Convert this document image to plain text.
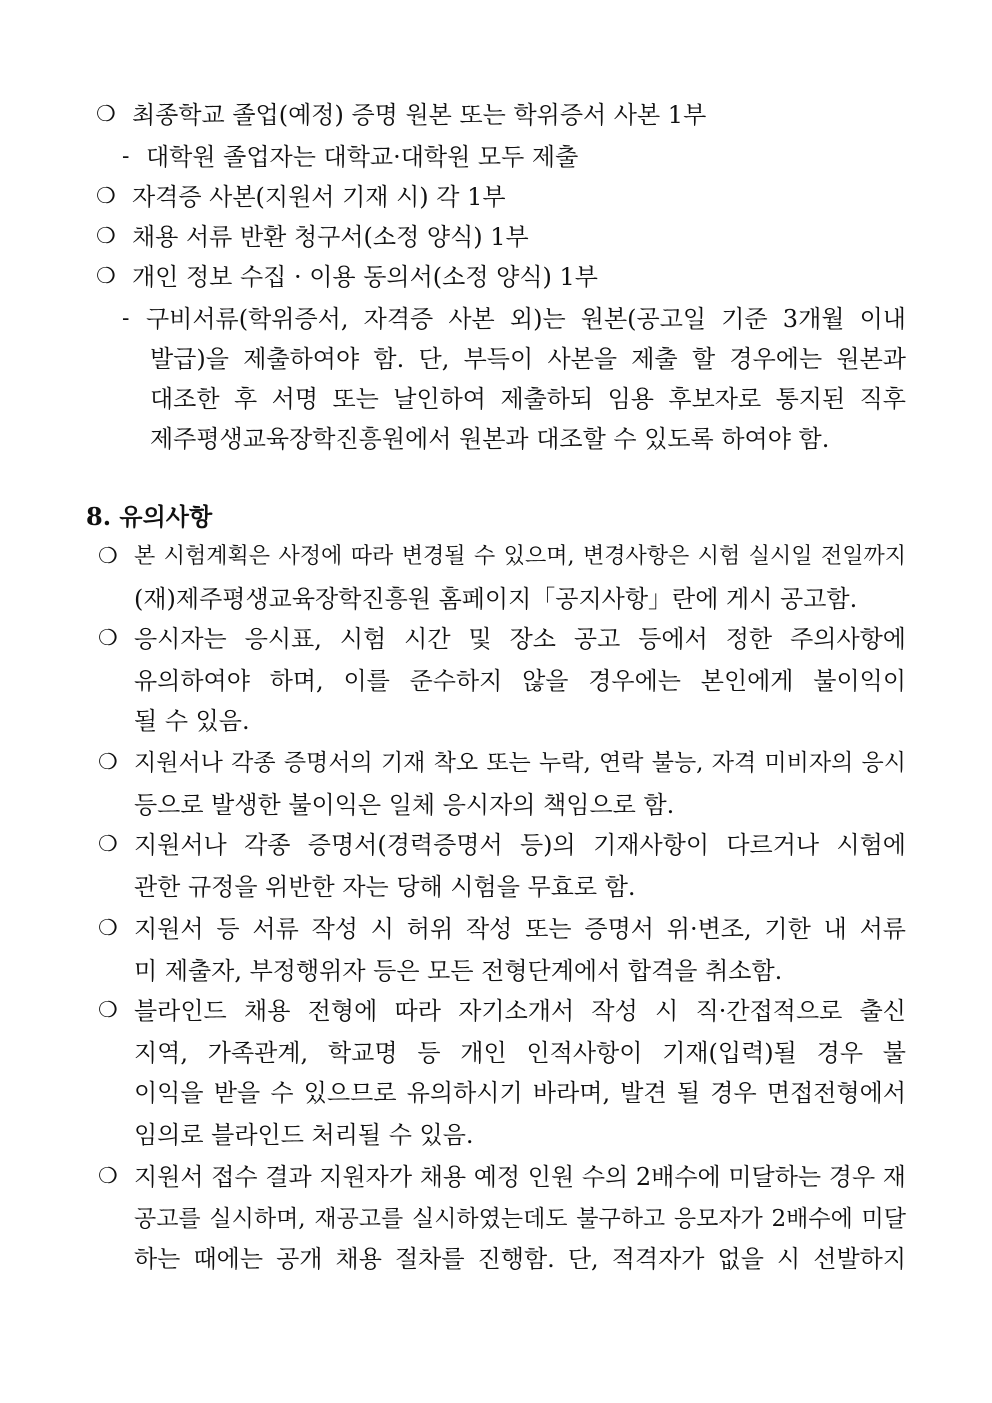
❍ 최종학교 졸업(예정) 증명 원본 또는 학위증서 사본 1부
- 대학원 졸업자는 대학교·대학원 모두 제출
❍ 자격증 사본(지원서 기재 시) 각 1부
❍ 채용 서류 반환 청구서(소정 양식) 1부
❍ 개인 정보 수집 · 이용 동의서(소정 양식) 1부
- 구비서류(학위증서, 자격증 사본 외)는 원본(공고일 기준 3개월 이내
발급)을 제출하여야 함. 단, 부득이 사본을 제출 할 경우에는 원본과
대조한 후 서명 또는 날인하여 제출하되 임용 후보자로 통지된 직후
제주평생교육장학진흥원에서 원본과 대조할 수 있도록 하여야 함.
8. 유의사항
❍ 본 시험계획은 사정에 따라 변경될 수 있으며, 변경사항은 시험 실시일 전일까지
(재)제주평생교육장학진흥원 홈페이지「공지사항」란에 게시 공고함.
❍ 응시자는 응시표, 시험 시간 및 장소 공고 등에서 정한 주의사항에
유의하여야 하며, 이를 준수하지 않을 경우에는 본인에게 불이익이
될 수 있음.
❍ 지원서나 각종 증명서의 기재 착오 또는 누락, 연락 불능, 자격 미비자의 응시
등으로 발생한 불이익은 일체 응시자의 책임으로 함.
❍ 지원서나 각종 증명서(경력증명서 등)의 기재사항이 다르거나 시험에
관한 규정을 위반한 자는 당해 시험을 무효로 함.
❍ 지원서 등 서류 작성 시 허위 작성 또는 증명서 위·변조, 기한 내 서류
미 제출자, 부정행위자 등은 모든 전형단계에서 합격을 취소함.
❍ 블라인드 채용 전형에 따라 자기소개서 작성 시 직·간접적으로 출신
지역, 가족관계, 학교명 등 개인 인적사항이 기재(입력)될 경우 불
이익을 받을 수 있으므로 유의하시기 바라며, 발견 될 경우 면접전형에서
임의로 블라인드 처리될 수 있음.
❍ 지원서 접수 결과 지원자가 채용 예정 인원 수의 2배수에 미달하는 경우 재
공고를 실시하며, 재공고를 실시하였는데도 불구하고 응모자가 2배수에 미달
하는 때에는 공개 채용 절차를 진행함. 단, 적격자가 없을 시 선발하지
